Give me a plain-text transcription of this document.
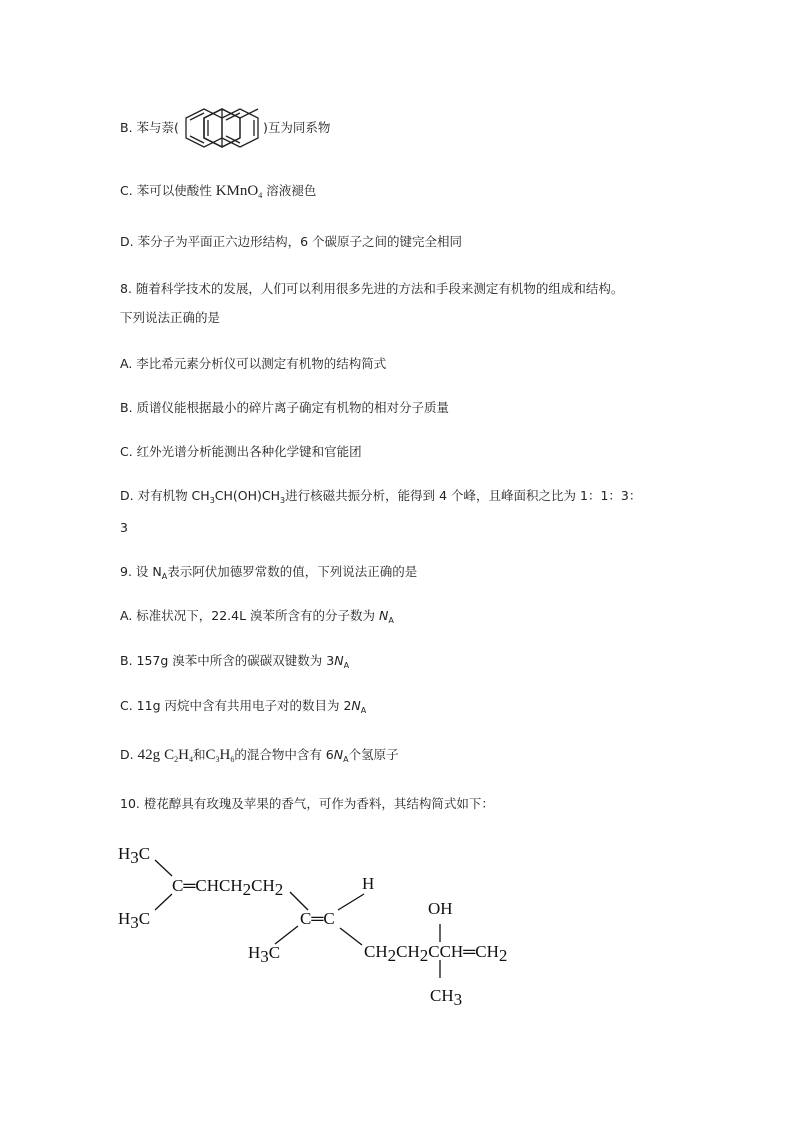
B. 苯与萘(	)互为同系物
C. 苯可以使酸性 KMnO$_4$ 溶液褪色
D. 苯分子为平面正六边形结构，6 个碳原子之间的键完全相同
8. 随着科学技术的发展，人们可以利用很多先进的方法和手段来测定有机物的组成和结构。
下列说法正确的是
A. 李比希元素分析仪可以测定有机物的结构简式
B. 质谱仪能根据最小的碎片离子确定有机物的相对分子质量
C. 红外光谱分析能测出各种化学键和官能团
D. 对有机物 $CH_3CH(OH)CH_3$进行核磁共振分析，能得到 4 个峰，且峰面积之比为 1：1：3：
3
9. 设 $N_A$表示阿伏加德罗常数的值，下列说法正确的是
A. 标准状况下，22.4L 溴苯所含有的分子数为 $N_A$
B. 157g 溴苯中所含的碳碳双键数为 $3N_A$
C. 11g 丙烷中含有共用电子对的数目为 $2N_A$
D. 42g $C_2H_4$和$C_3H_6$的混合物中含有 $6N_A$个氢原子
10. 橙花醇具有玫瑰及苹果的香气，可作为香料，其结构简式如下：
H3C
C═CHCH2CH2
H3C
H
C═C
H3C
OH
CH2CH2CCH═CH2
CH3
